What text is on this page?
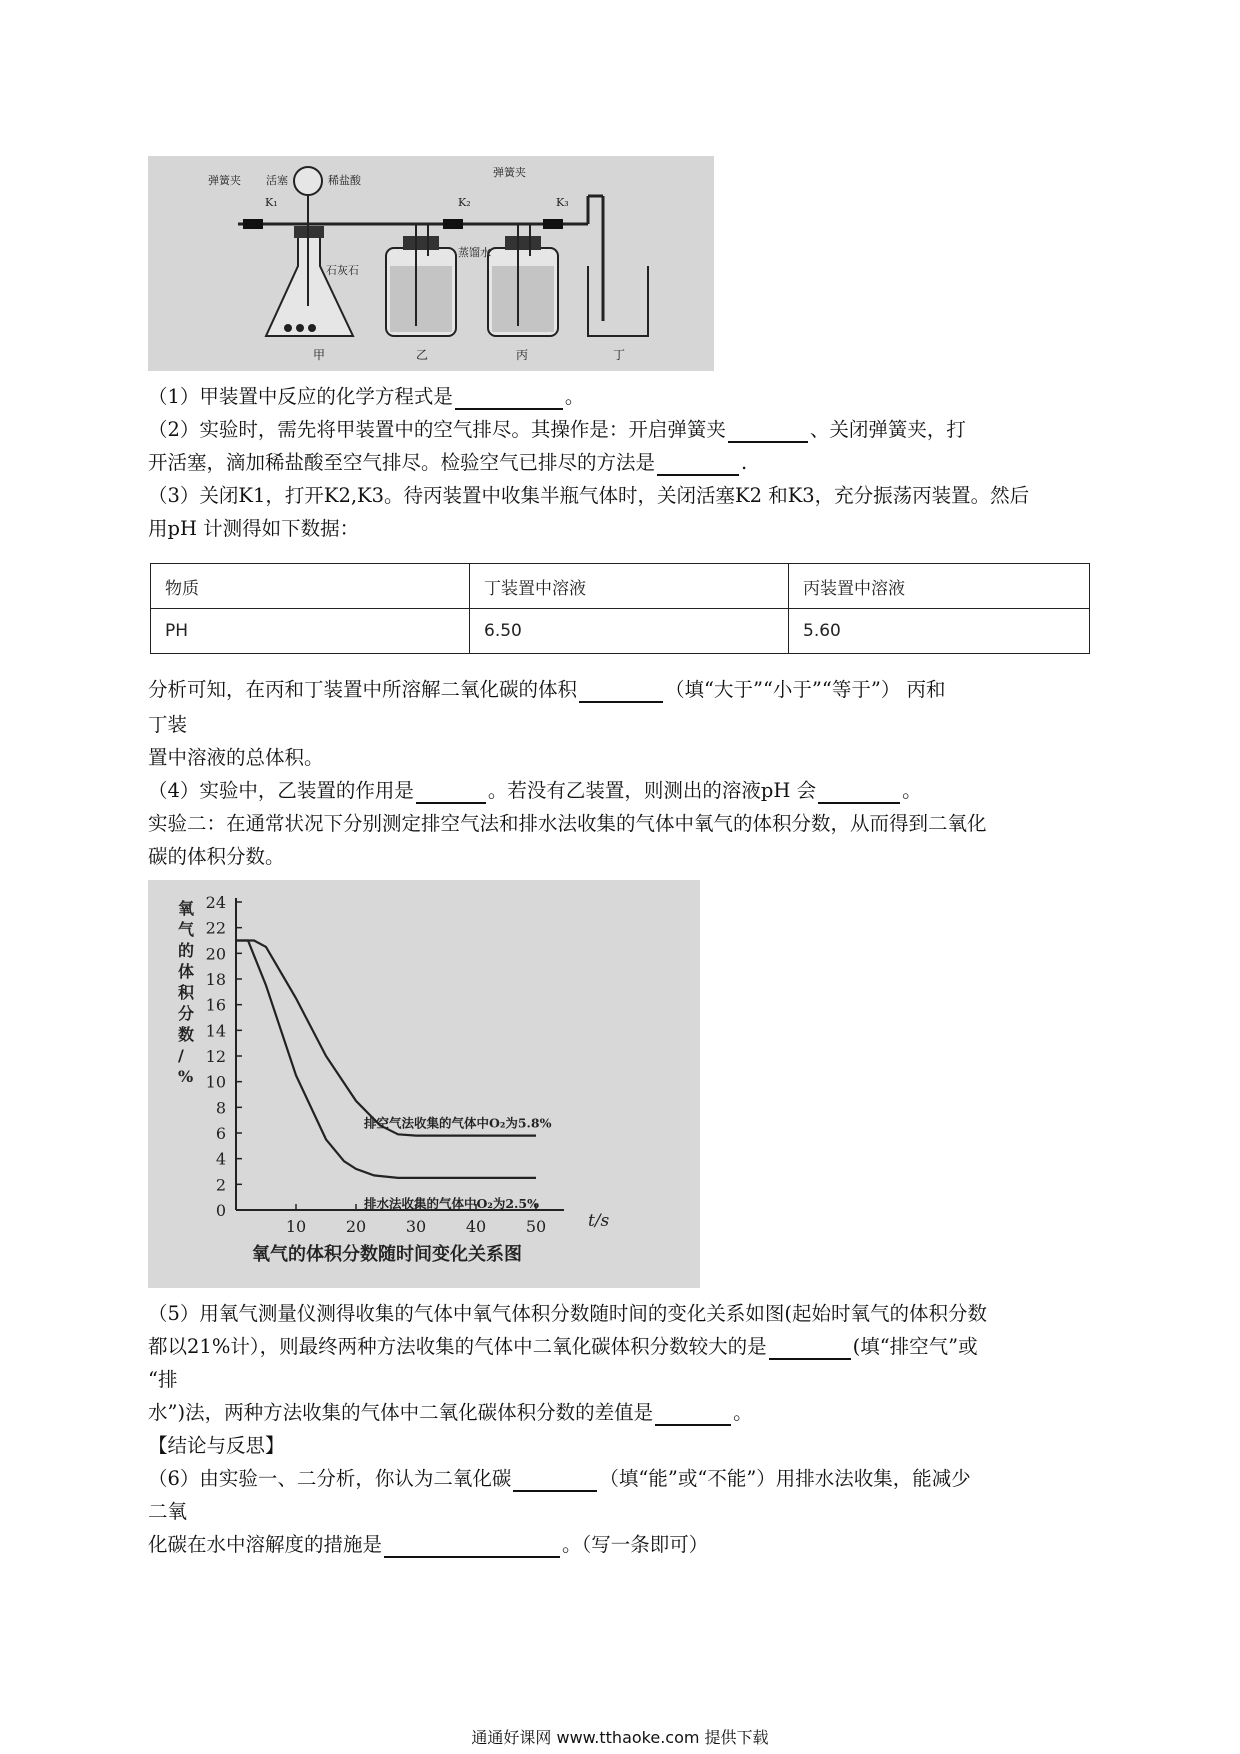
弹簧夹 活塞	稀盐酸
弹簧夹
K₁	K₂	K₃
石灰石
蒸馏水
甲	乙	丙	丁
（1）甲装置中反应的化学方程式是	。
（2）实验时，需先将甲装置中的空气排尽。其操作是：开启弹簧夹	、关闭弹簧夹，打
开活塞，滴加稀盐酸至空气排尽。检验空气已排尽的方法是	.
（3）关闭K1，打开K2,K3。待丙装置中收集半瓶气体时，关闭活塞K2 和K3，充分振荡丙装置。然后
用pH 计测得如下数据：
物质	丁装置中溶液	丙装置中溶液
PH	6.50	5.60
分析可知，在丙和丁装置中所溶解二氧化碳的体积	（填“大于”“小于”“等于”） 丙和
丁装
置中溶液的总体积。
（4）实验中，乙装置的作用是	。若没有乙装置，则测出的溶液pH 会	。
实验二：在通常状况下分别测定排空气法和排水法收集的气体中氧气的体积分数，从而得到二氧化
碳的体积分数。
0
2
4
6
8
10
12
14
16
18
20
22
24
10 20 30 40 50
排空气法收集的气体中O₂为5.8%
排水法收集的气体中O₂为2.5%
氧气的体积分数/ %
氧气的体积分数随时间变化关系图
t/s
（5）用氧气测量仪测得收集的气体中氧气体积分数随时间的变化关系如图(起始时氧气的体积分数
都以21%计），则最终两种方法收集的气体中二氧化碳体积分数较大的是	(填“排空气”或
“排
水”)法，两种方法收集的气体中二氧化碳体积分数的差值是	。
【结论与反思】
（6）由实验一、二分析，你认为二氧化碳	（填“能”或“不能”）用排水法收集，能减少
二氧
化碳在水中溶解度的措施是	。（写一条即可）
通通好课网 www.tthaoke.com 提供下载
